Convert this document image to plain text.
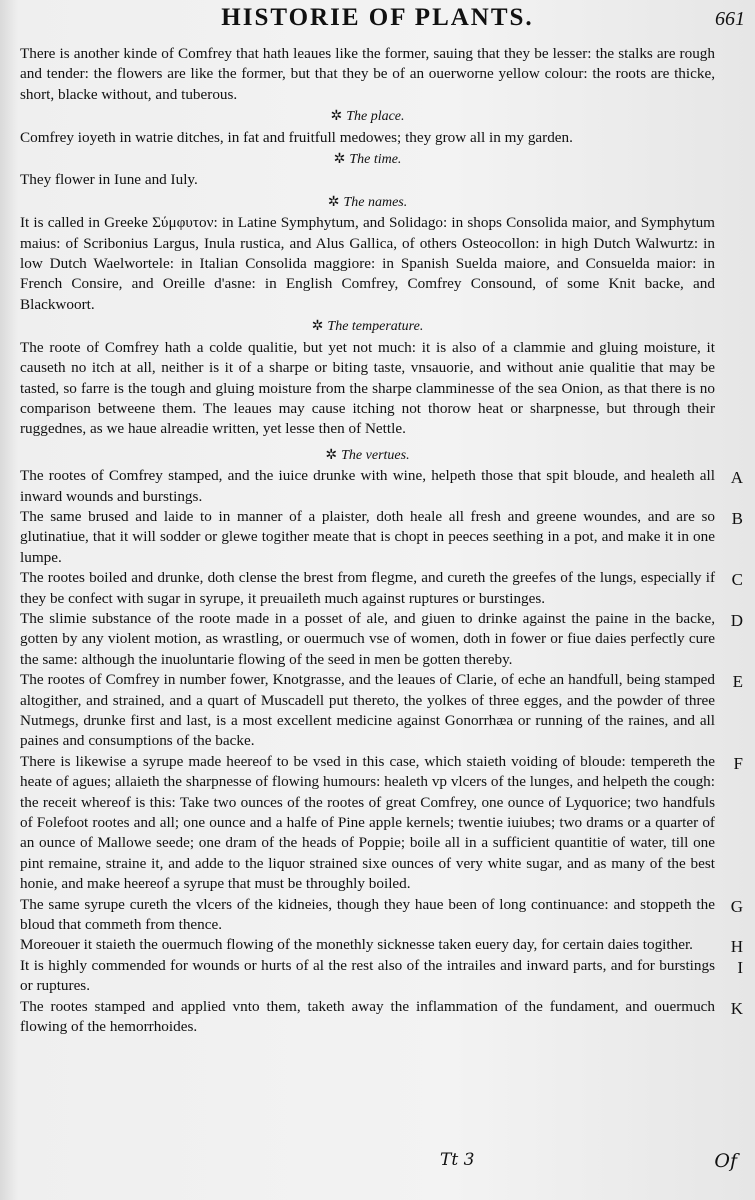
HISTORIE OF PLANTS.	661

There is another kinde of Comfrey that hath leaues like the former, sauing that they be lesser: the stalks are rough and tender: the flowers are like the former, but that they be of an ouerworne yellow colour: the roots are thicke, short, blacke without, and tuberous.

✲ The place.

Comfrey ioyeth in watrie ditches, in fat and fruitfull medowes; they grow all in my garden.

✲ The time.

They flower in Iune and Iuly.

✲ The names.

It is called in Greeke Σύμφυτον: in Latine Symphytum, and Solidago: in shops Consolida maior, and Symphytum maius: of Scribonius Largus, Inula rustica, and Alus Gallica, of others Osteocollon: in high Dutch Walwurtz: in low Dutch Waelwortele: in Italian Consolida maggiore: in Spanish Suelda maiore, and Consuelda maior: in French Consire, and Oreille d'asne: in English Comfrey, Comfrey Consound, of some Knit backe, and Blackwoort.

✲ The temperature.

The roote of Comfrey hath a colde qualitie, but yet not much: it is also of a clammie and gluing moisture, it causeth no itch at all, neither is it of a sharpe or biting taste, vnsauorie, and without anie qualitie that may be tasted, so farre is the tough and gluing moisture from the sharpe clamminesse of the sea Onion, as that there is no comparison betweene them. The leaues may cause itching not thorow heat or sharpnesse, but through their ruggednes, as we haue alreadie written, yet lesse then of Nettle.

✲ The vertues.

The rootes of Comfrey stamped, and the iuice drunke with wine, helpeth those that spit bloude, and healeth all inward wounds and burstings.

A

The same brused and laide to in manner of a plaister, doth heale all fresh and greene woundes, and are so glutinatiue, that it will sodder or glewe togither meate that is chopt in peeces seething in a pot, and make it in one lumpe.

B

The rootes boiled and drunke, doth clense the brest from flegme, and cureth the greefes of the lungs, especially if they be confect with sugar in syrupe, it preuaileth much against ruptures or burstinges.

C

The slimie substance of the roote made in a posset of ale, and giuen to drinke against the paine in the backe, gotten by any violent motion, as wrastling, or ouermuch vse of women, doth in fower or fiue daies perfectly cure the same: although the inuoluntarie flowing of the seed in men be gotten thereby.

D

The rootes of Comfrey in number fower, Knotgrasse, and the leaues of Clarie, of eche an handfull, being stamped altogither, and strained, and a quart of Muscadell put thereto, the yolkes of three egges, and the powder of three Nutmegs, drunke first and last, is a most excellent medicine against Gonorrhæa or running of the raines, and all paines and consumptions of the backe.

E

There is likewise a syrupe made heereof to be vsed in this case, which staieth voiding of bloude: tempereth the heate of agues; allaieth the sharpnesse of flowing humours: healeth vp vlcers of the lunges, and helpeth the cough: the receit whereof is this: Take two ounces of the rootes of great Comfrey, one ounce of Lyquorice; two handfuls of Folefoot rootes and all; one ounce and a halfe of Pine apple kernels; twentie iuiubes; two drams or a quarter of an ounce of Mallowe seede; one dram of the heads of Poppie; boile all in a sufficient quantitie of water, till one pint remaine, straine it, and adde to the liquor strained sixe ounces of very white sugar, and as many of the best honie, and make heereof a syrupe that must be throughly boiled.

F

The same syrupe cureth the vlcers of the kidneies, though they haue been of long continuance: and stoppeth the bloud that commeth from thence.

G

Moreouer it staieth the ouermuch flowing of the monethly sicknesse taken euery day, for certain daies togither.	H

It is highly commended for wounds or hurts of al the rest also of the intrailes and inward parts, and for burstings or ruptures.

I

The rootes stamped and applied vnto them, taketh away the inflammation of the fundament, and ouermuch flowing of the hemorrhoides.

K
Tt 3	Of
